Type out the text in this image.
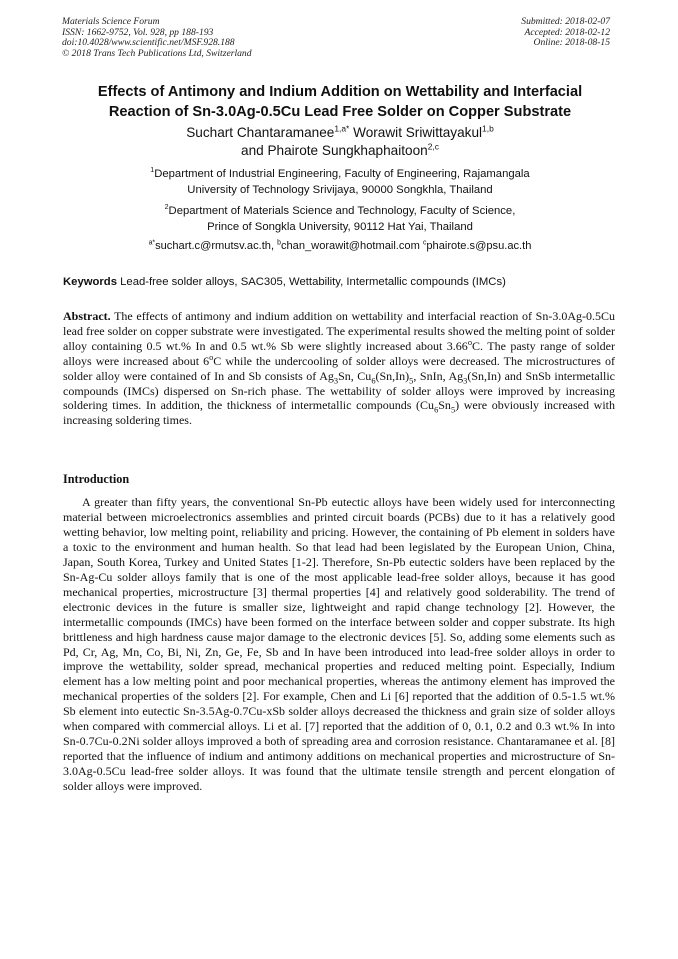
Materials Science Forum
ISSN: 1662-9752, Vol. 928, pp 188-193
doi:10.4028/www.scientific.net/MSF.928.188
© 2018 Trans Tech Publications Ltd, Switzerland
Submitted: 2018-02-07
Accepted: 2018-02-12
Online: 2018-08-15
Effects of Antimony and Indium Addition on Wettability and Interfacial
Reaction of Sn-3.0Ag-0.5Cu Lead Free Solder on Copper Substrate
Suchart Chantaramanee$^{1,a*}$ Worawit Sriwittayakul$^{1,b}$
and Phairote Sungkhaphaitoon$^{2,c}$
$^1$Department of Industrial Engineering, Faculty of Engineering, Rajamangala
University of Technology Srivijaya, 90000 Songkhla, Thailand
$^2$Department of Materials Science and Technology, Faculty of Science,
Prince of Songkla University, 90112 Hat Yai, Thailand
$^{a*}$suchart.c@rmutsv.ac.th, $^b$chan_worawit@hotmail.com $^c$phairote.s@psu.ac.th
Keywords Lead-free solder alloys, SAC305, Wettability, Intermetallic compounds (IMCs)
Abstract. The effects of antimony and indium addition on wettability and interfacial reaction of Sn-3.0Ag-0.5Cu lead free solder on copper substrate were investigated. The experimental results showed the melting point of solder alloy containing 0.5 wt.% In and 0.5 wt.% Sb were slightly increased about 3.66$^o$C. The pasty range of solder alloys were increased about 6$^o$C while the undercooling of solder alloys were decreased. The microstructures of solder alloy were contained of In and Sb consists of $Ag_3Sn$, $Cu_6(Sn,In)_5$, SnIn, $Ag_3(Sn,In)$ and SnSb intermetallic compounds (IMCs) dispersed on Sn-rich phase. The wettability of solder alloys were improved by increasing soldering times. In addition, the thickness of intermetallic compounds $(Cu_6Sn_5)$ were obviously increased with increasing soldering times.
Introduction
A greater than fifty years, the conventional Sn-Pb eutectic alloys have been widely used for interconnecting material between microelectronics assemblies and printed circuit boards (PCBs) due to it has a relatively good wetting behavior, low melting point, reliability and pricing. However, the containing of Pb element in solders have a toxic to the environment and human health. So that lead had been legislated by the European Union, China, Japan, South Korea, Turkey and United States [1-2]. Therefore, Sn-Pb eutectic solders have been replaced by the Sn-Ag-Cu solder alloys family that is one of the most applicable lead-free solder alloys, because it has good mechanical properties, microstructure [3] thermal properties [4] and relatively good solderability. The trend of electronic devices in the future is smaller size, lightweight and rapid change technology [2]. However, the intermetallic compounds (IMCs) have been formed on the interface between solder and copper substrate. Its high brittleness and high hardness cause major damage to the electronic devices [5]. So, adding some elements such as Pd, Cr, Ag, Mn, Co, Bi, Ni, Zn, Ge, Fe, Sb and In have been introduced into lead-free solder alloys in order to improve the wettability, solder spread, mechanical properties and reduced melting point. Especially, Indium element has a low melting point and poor mechanical properties, whereas the antimony element has improved the mechanical properties of the solders [2]. For example, Chen and Li [6] reported that the addition of 0.5-1.5 wt.% Sb element into eutectic Sn-3.5Ag-0.7Cu-xSb solder alloys decreased the thickness and grain size of solder alloys when compared with commercial alloys. Li et al. [7] reported that the addition of 0, 0.1, 0.2 and 0.3 wt.% In into Sn-0.7Cu-0.2Ni solder alloys improved a both of spreading area and corrosion resistance. Chantaramanee et al. [8] reported that the influence of indium and antimony additions on mechanical properties and microstructure of Sn-3.0Ag-0.5Cu lead-free solder alloys. It was found that the ultimate tensile strength and percent elongation of solder alloys were improved.
